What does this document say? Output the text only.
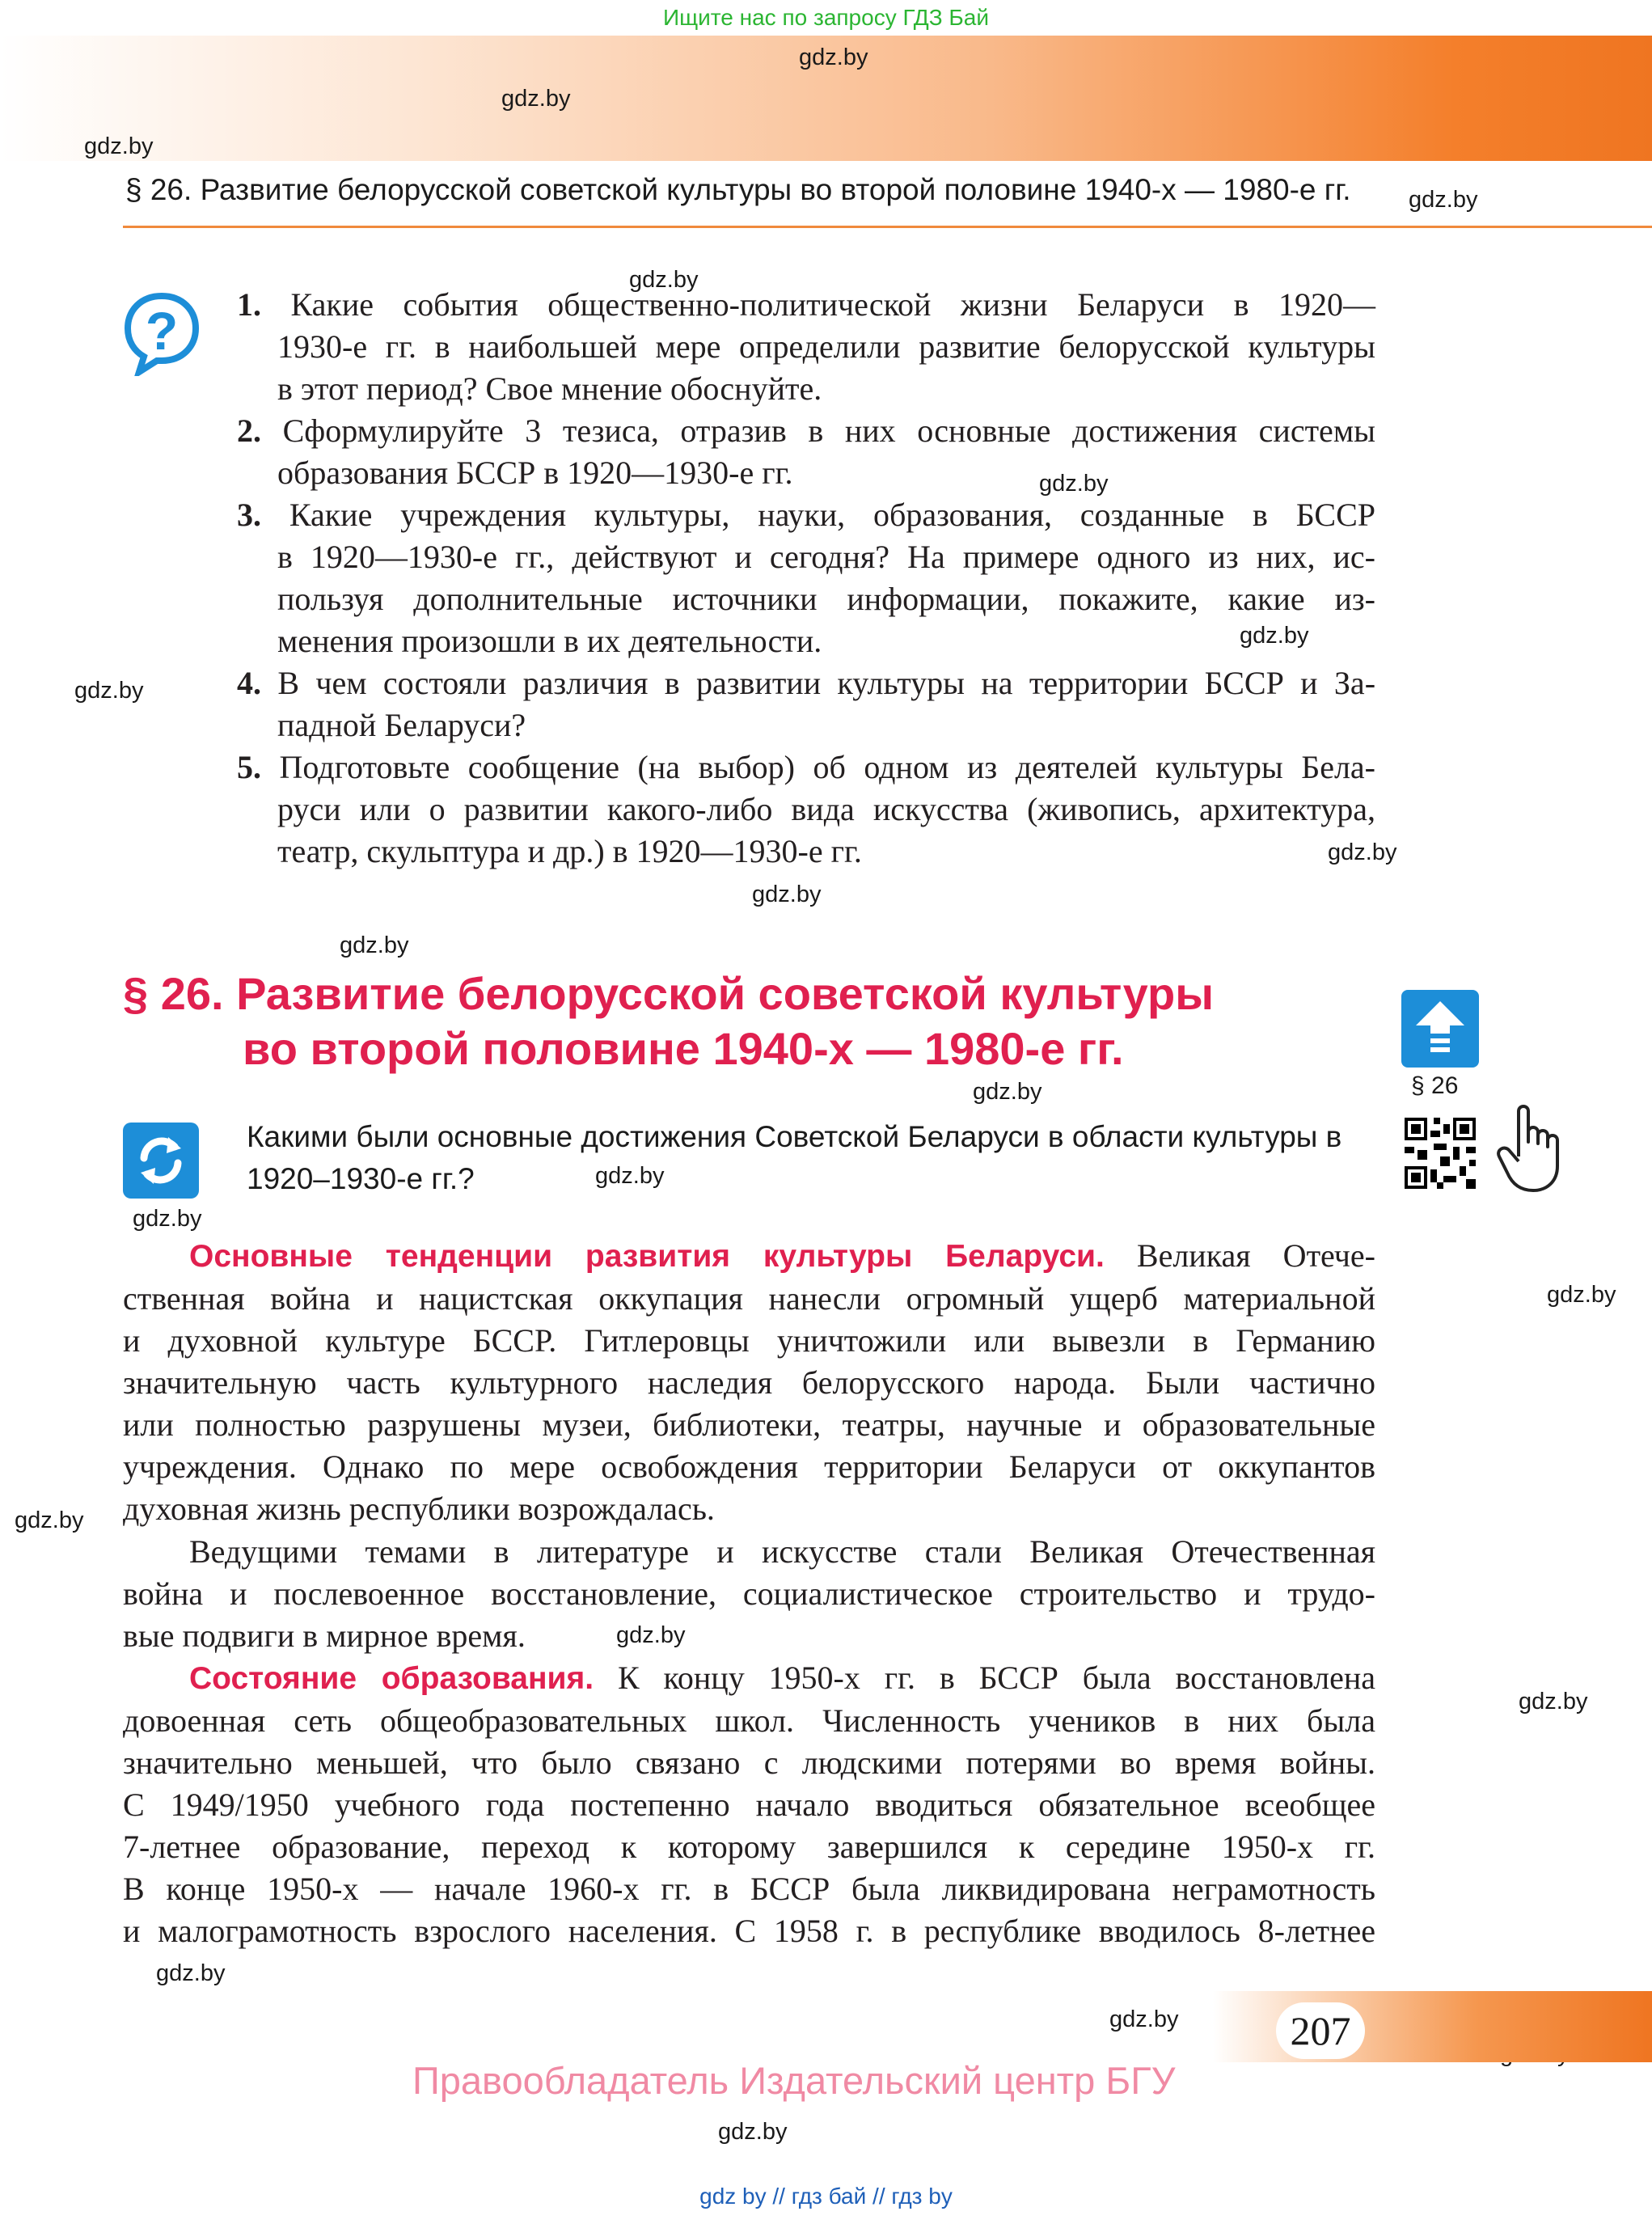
Ищите нас по запросу ГДЗ Бай
§ 26. Развитие белорусской советской культуры во второй половине 1940-х — 1980-е гг.
gdz.by
gdz.by
gdz.by
gdz.by
gdz.by
gdz.by
gdz.by
gdz.by
gdz.by
gdz.by
gdz.by
gdz.by
gdz.by
gdz.by
gdz.by
gdz.by
gdz.by
gdz.by
gdz.by
gdz.by
gdz.by
? 1. Какие события общественно-политической жизни Беларуси в 1920—
1930-е гг. в наибольшей мере определили развитие белорусской культуры
в этот период? Свое мнение обоснуйте.
2. Сформулируйте 3 тезиса, отразив в них основные достижения системы
образования БССР в 1920—1930-е гг.
3. Какие учреждения культуры, науки, образования, созданные в БССР
в 1920—1930-е гг., действуют и сегодня? На примере одного из них, ис-
пользуя дополнительные источники информации, покажите, какие из-
менения произошли в их деятельности.
4. В чем состояли различия в развитии культуры на территории БССР и За-
падной Беларуси?
5. Подготовьте сообщение (на выбор) об одном из деятелей культуры Бела-
руси или о развитии какого-либо вида искусства (живопись, архитектура,
театр, скульптура и др.) в 1920—1930-е гг.
§ 26. Развитие белорусской советской культуры
во второй половине 1940-х — 1980-е гг.
§ 26
Какими были основные достижения Советской Беларуси в области культуры в 1920–1930-е гг.?
Основные тенденции развития культуры Беларуси. Великая Отече-
ственная война и нацистская оккупация нанесли огромный ущерб материальной
и духовной культуре БССР. Гитлеровцы уничтожили или вывезли в Германию
значительную часть культурного наследия белорусского народа. Были частично
или полностью разрушены музеи, библиотеки, театры, научные и образовательные
учреждения. Однако по мере освобождения территории Беларуси от оккупантов
духовная жизнь республики возрождалась.
Ведущими темами в литературе и искусстве стали Великая Отечественная
война и послевоенное восстановление, социалистическое строительство и трудо-
вые подвиги в мирное время.
Состояние образования. К концу 1950-х гг. в БССР была восстановлена
довоенная сеть общеобразовательных школ. Численность учеников в них была
значительно меньшей, что было связано с людскими потерями во время войны.
С 1949/1950 учебного года постепенно начало вводиться обязательное всеобщее
7-летнее образование, переход к которому завершился к середине 1950-х гг.
В конце 1950-х — начале 1960-х гг. в БССР была ликвидирована неграмотность
и малограмотность взрослого населения. С 1958 г. в республике вводилось 8-летнее
207
Правообладатель Издательский центр БГУ
gdz by // гдз бай // гдз by
